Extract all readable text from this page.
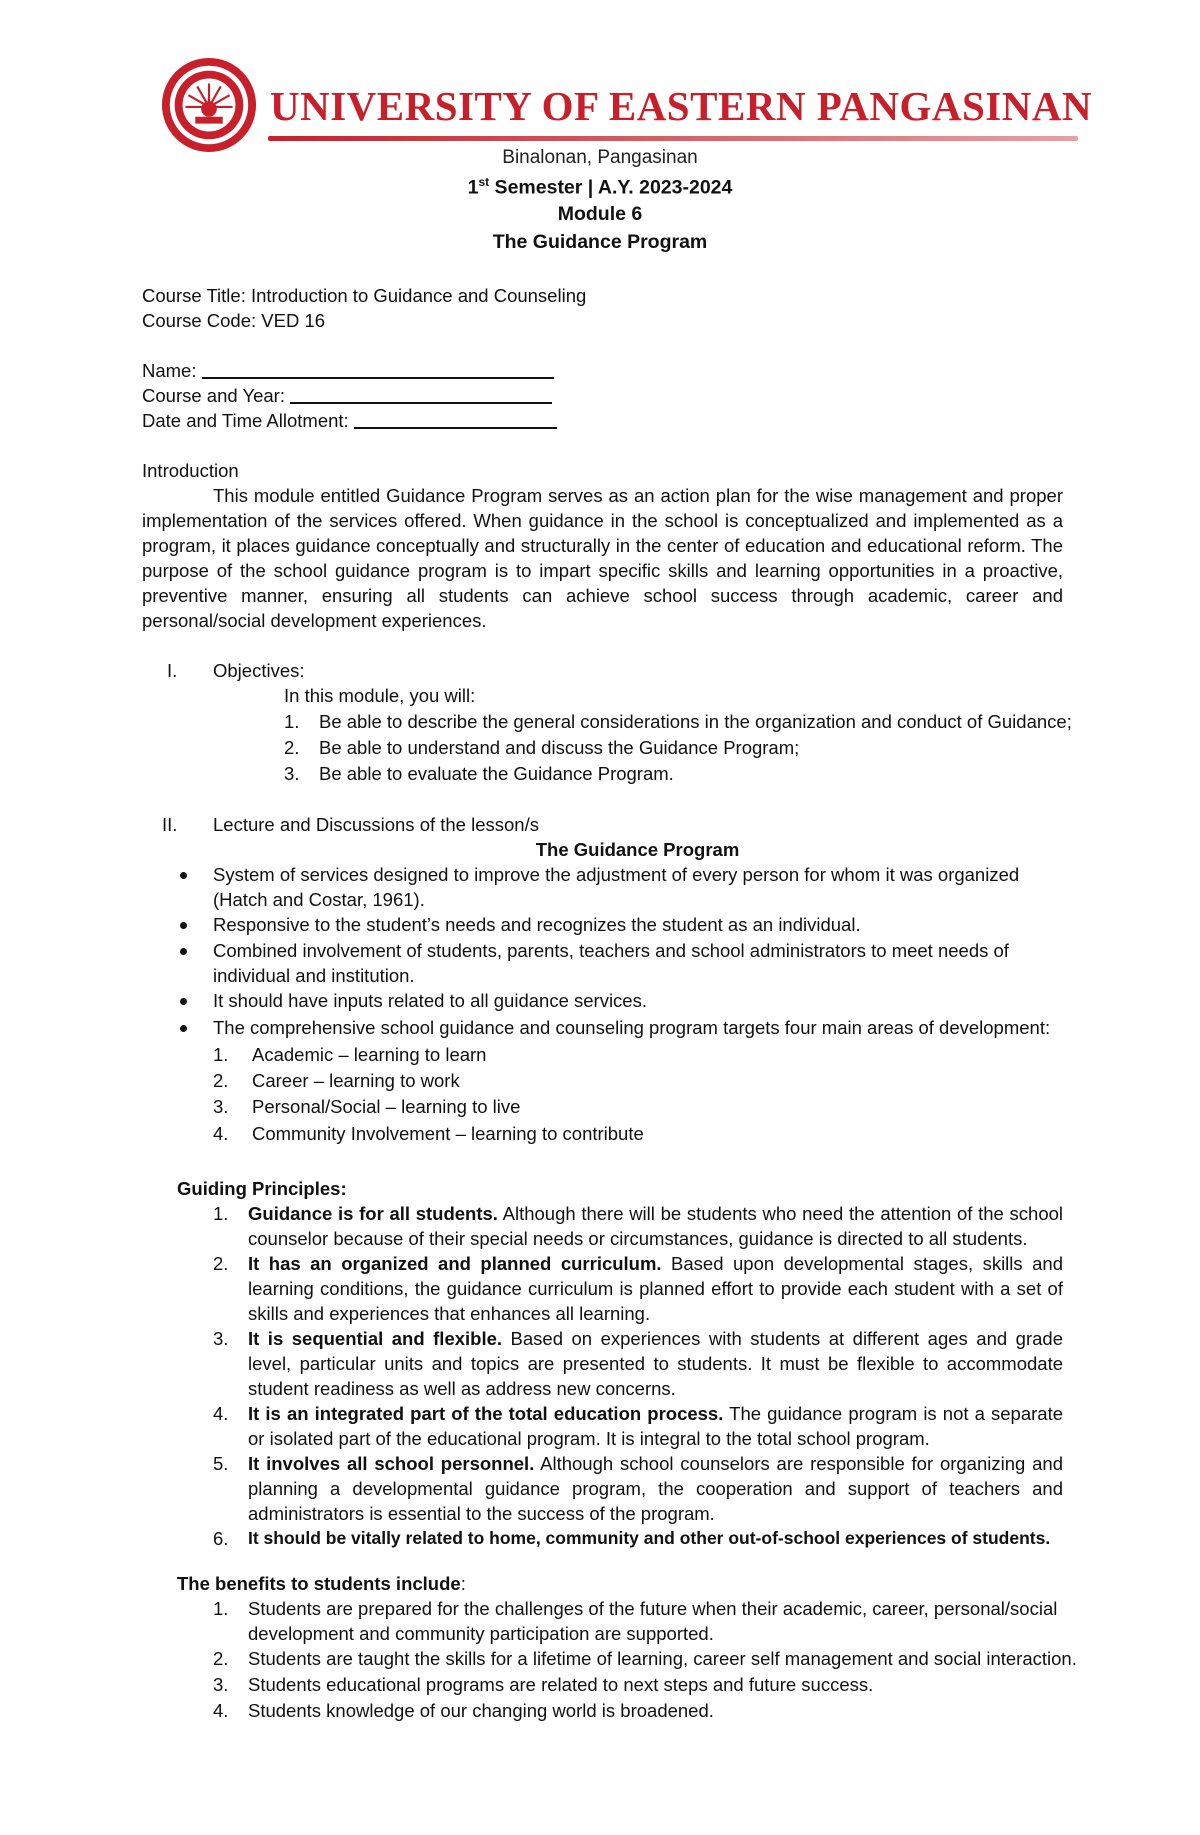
UNIVERSITY OF EASTERN PANGASINAN
Binalonan, Pangasinan
1st Semester | A.Y. 2023-2024
Module 6
The Guidance Program
Course Title: Introduction to Guidance and Counseling
Course Code: VED 16
Name:
Course and Year:
Date and Time Allotment:
Introduction
This module entitled Guidance Program serves as an action plan for the wise management and proper implementation of the services offered. When guidance in the school is conceptualized and implemented as a program, it places guidance conceptually and structurally in the center of education and educational reform. The purpose of the school guidance program is to impart specific skills and learning opportunities in a proactive, preventive manner, ensuring all students can achieve school success through academic, career and personal/social development experiences.
I. Objectives:
In this module, you will:
1. Be able to describe the general considerations in the organization and conduct of Guidance;
2. Be able to understand and discuss the Guidance Program;
3. Be able to evaluate the Guidance Program.
II. Lecture and Discussions of the lesson/s
The Guidance Program
System of services designed to improve the adjustment of every person for whom it was organized (Hatch and Costar, 1961).
Responsive to the student’s needs and recognizes the student as an individual.
Combined involvement of students, parents, teachers and school administrators to meet needs of individual and institution.
It should have inputs related to all guidance services.
The comprehensive school guidance and counseling program targets four main areas of development:
1. Academic – learning to learn
2. Career – learning to work
3. Personal/Social – learning to live
4. Community Involvement – learning to contribute
Guiding Principles:
1. Guidance is for all students. Although there will be students who need the attention of the school counselor because of their special needs or circumstances, guidance is directed to all students.
2. It has an organized and planned curriculum. Based upon developmental stages, skills and learning conditions, the guidance curriculum is planned effort to provide each student with a set of skills and experiences that enhances all learning.
3. It is sequential and flexible. Based on experiences with students at different ages and grade level, particular units and topics are presented to students. It must be flexible to accommodate student readiness as well as address new concerns.
4. It is an integrated part of the total education process. The guidance program is not a separate or isolated part of the educational program. It is integral to the total school program.
5. It involves all school personnel. Although school counselors are responsible for organizing and planning a developmental guidance program, the cooperation and support of teachers and administrators is essential to the success of the program.
6. It should be vitally related to home, community and other out-of-school experiences of students.
The benefits to students include:
1. Students are prepared for the challenges of the future when their academic, career, personal/social development and community participation are supported.
2. Students are taught the skills for a lifetime of learning, career self management and social interaction.
3. Students educational programs are related to next steps and future success.
4. Students knowledge of our changing world is broadened.
